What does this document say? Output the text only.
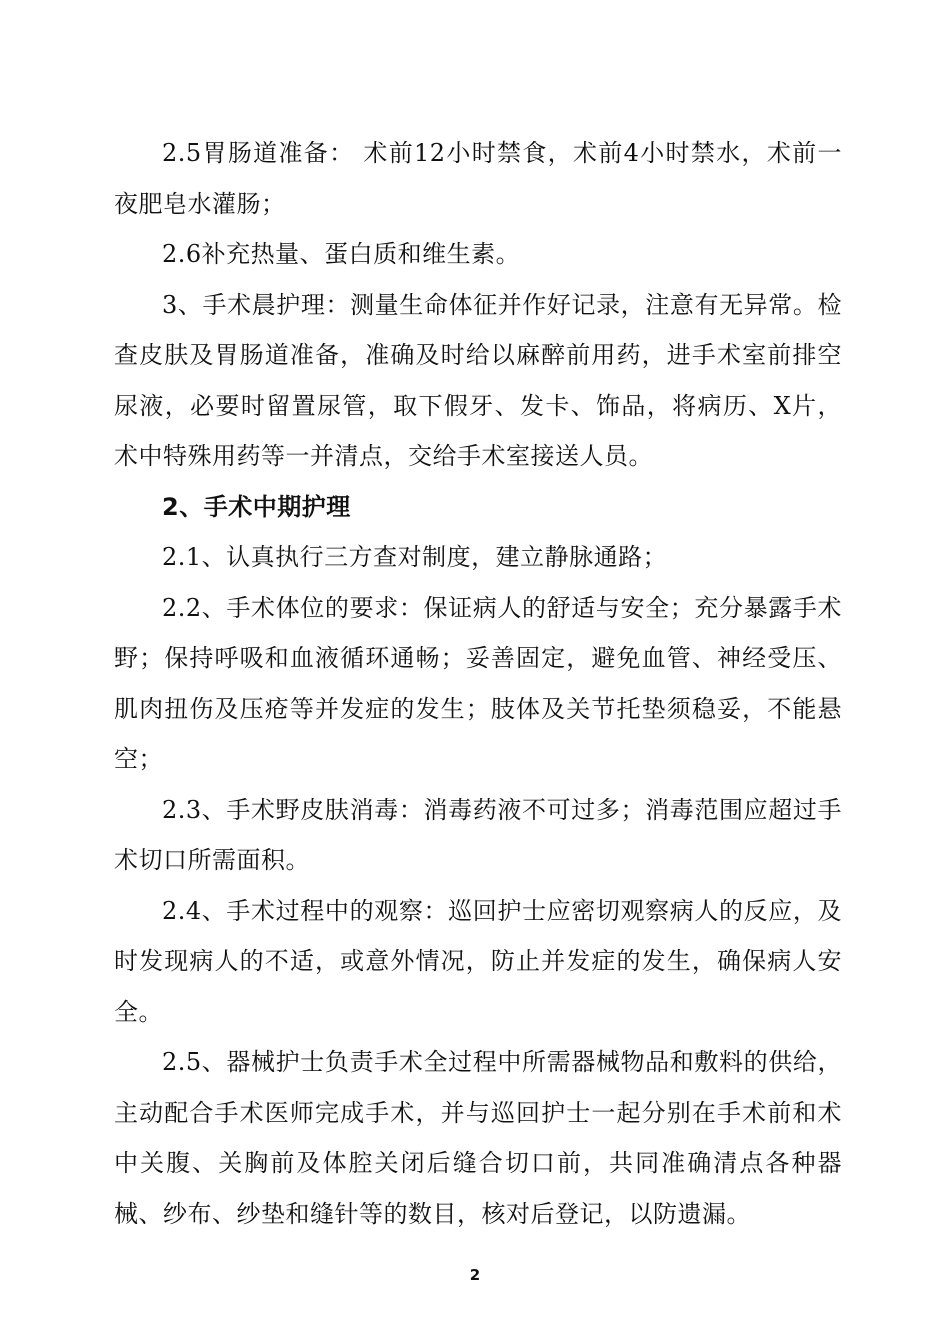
2.5胃肠道准备： 术前12小时禁食，术前4小时禁水，术前一夜肥皂水灌肠；

2.6补充热量、蛋白质和维生素。

3、手术晨护理：测量生命体征并作好记录，注意有无异常。检查皮肤及胃肠道准备，准确及时给以麻醉前用药，进手术室前排空尿液，必要时留置尿管，取下假牙、发卡、饰品，将病历、X片，术中特殊用药等一并清点，交给手术室接送人员。

2、手术中期护理

2.1、认真执行三方查对制度，建立静脉通路；

2.2、手术体位的要求：保证病人的舒适与安全；充分暴露手术野；保持呼吸和血液循环通畅；妥善固定，避免血管、神经受压、肌肉扭伤及压疮等并发症的发生；肢体及关节托垫须稳妥，不能悬空；

2.3、手术野皮肤消毒：消毒药液不可过多；消毒范围应超过手术切口所需面积。

2.4、手术过程中的观察：巡回护士应密切观察病人的反应，及时发现病人的不适，或意外情况，防止并发症的发生，确保病人安全。

2.5、器械护士负责手术全过程中所需器械物品和敷料的供给，主动配合手术医师完成手术，并与巡回护士一起分别在手术前和术中关腹、关胸前及体腔关闭后缝合切口前，共同准确清点各种器械、纱布、纱垫和缝针等的数目，核对后登记，以防遗漏。

2
